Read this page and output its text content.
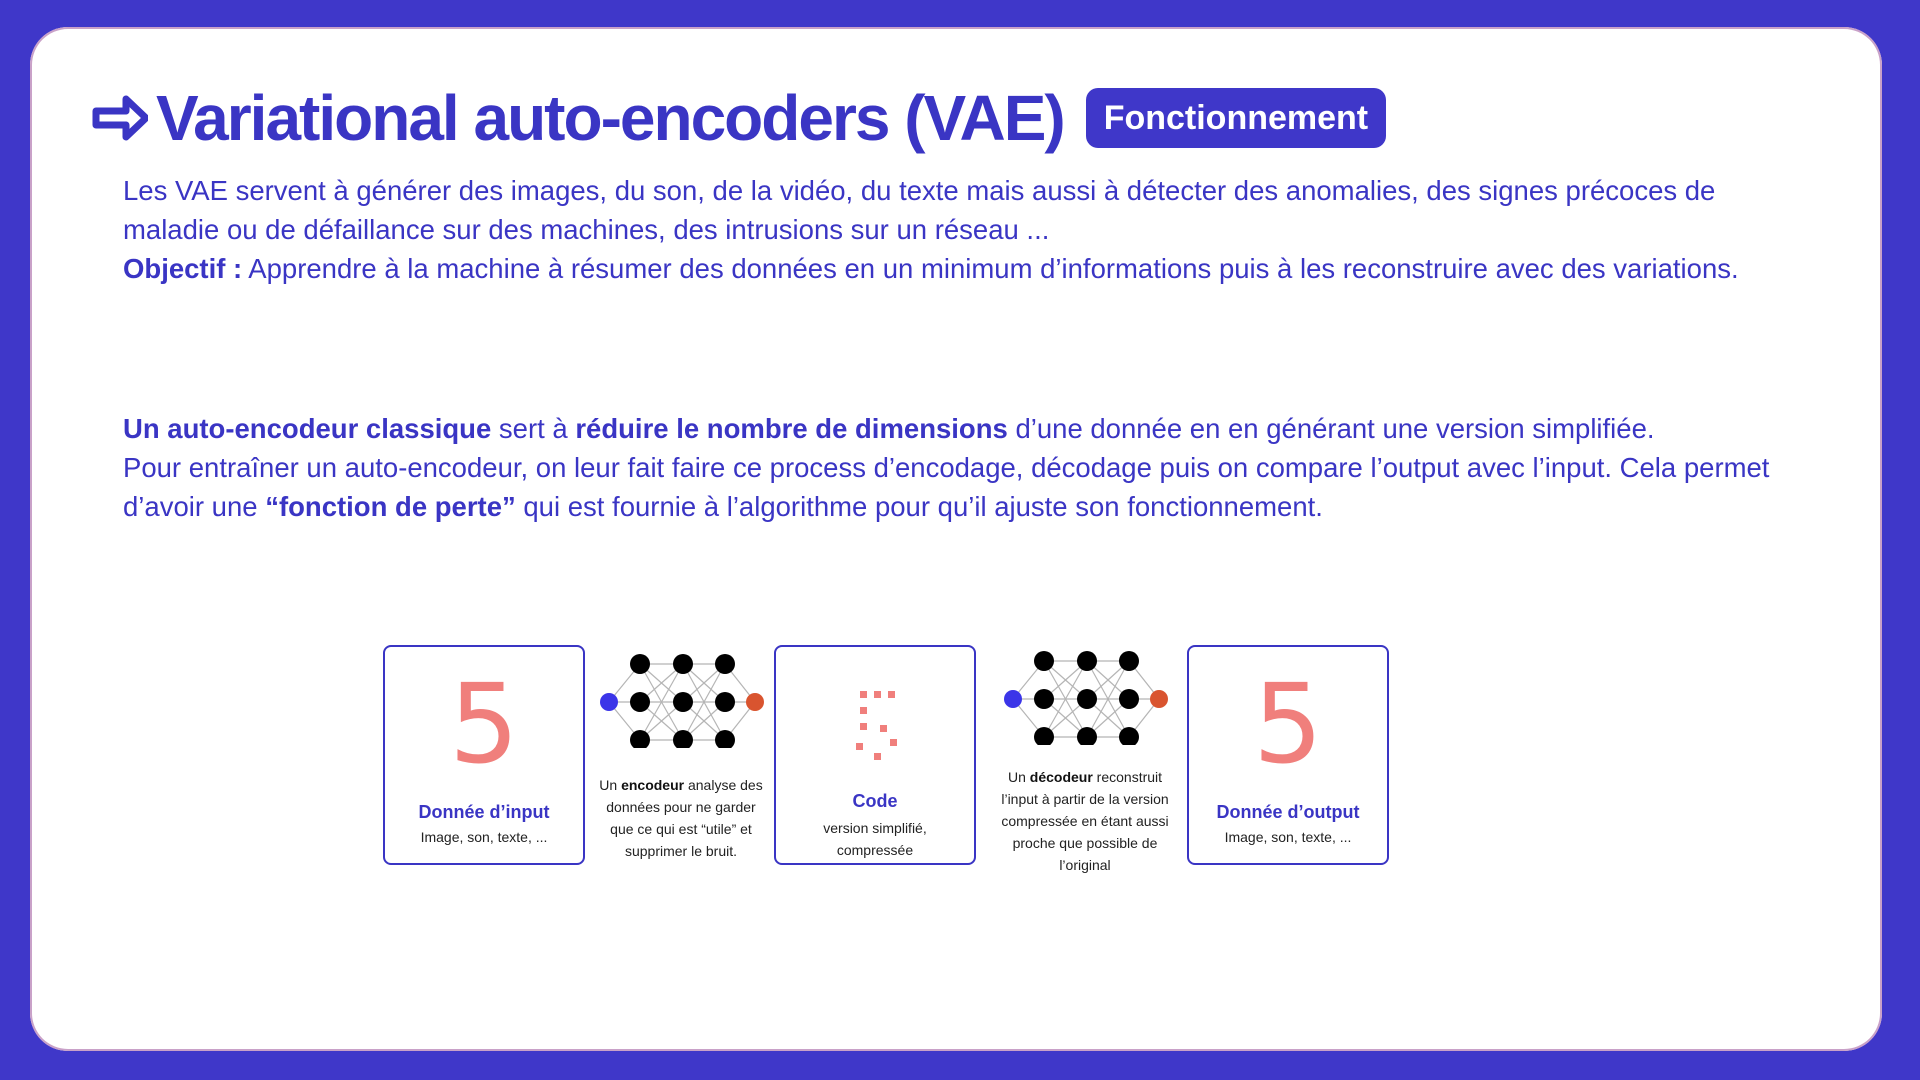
Variational auto-encoders (VAE)	Fonctionnement
Les VAE servent à générer des images, du son, de la vidéo, du texte mais aussi à détecter des anomalies, des signes précoces de maladie ou de défaillance sur des machines, des intrusions sur un réseau ...
Objectif : Apprendre à la machine à résumer des données en un minimum d’informations puis à les reconstruire avec des variations.
Un auto-encodeur classique sert à réduire le nombre de dimensions d’une donnée en en générant une version simplifiée.
Pour entraîner un auto-encodeur, on leur fait faire ce process d’encodage, décodage puis on compare l’output avec l’input. Cela permet d’avoir une “fonction de perte” qui est fournie à l’algorithme pour qu’il ajuste son fonctionnement.
5
Donnée d’input
Image, son, texte, ...
Un encodeur analyse des données pour ne garder que ce qui est “utile” et supprimer le bruit.
Code
version simplifié, compressée
Un décodeur reconstruit l’input à partir de la version compressée en étant aussi proche que possible de l’original
5
Donnée d’output
Image, son, texte, ...
